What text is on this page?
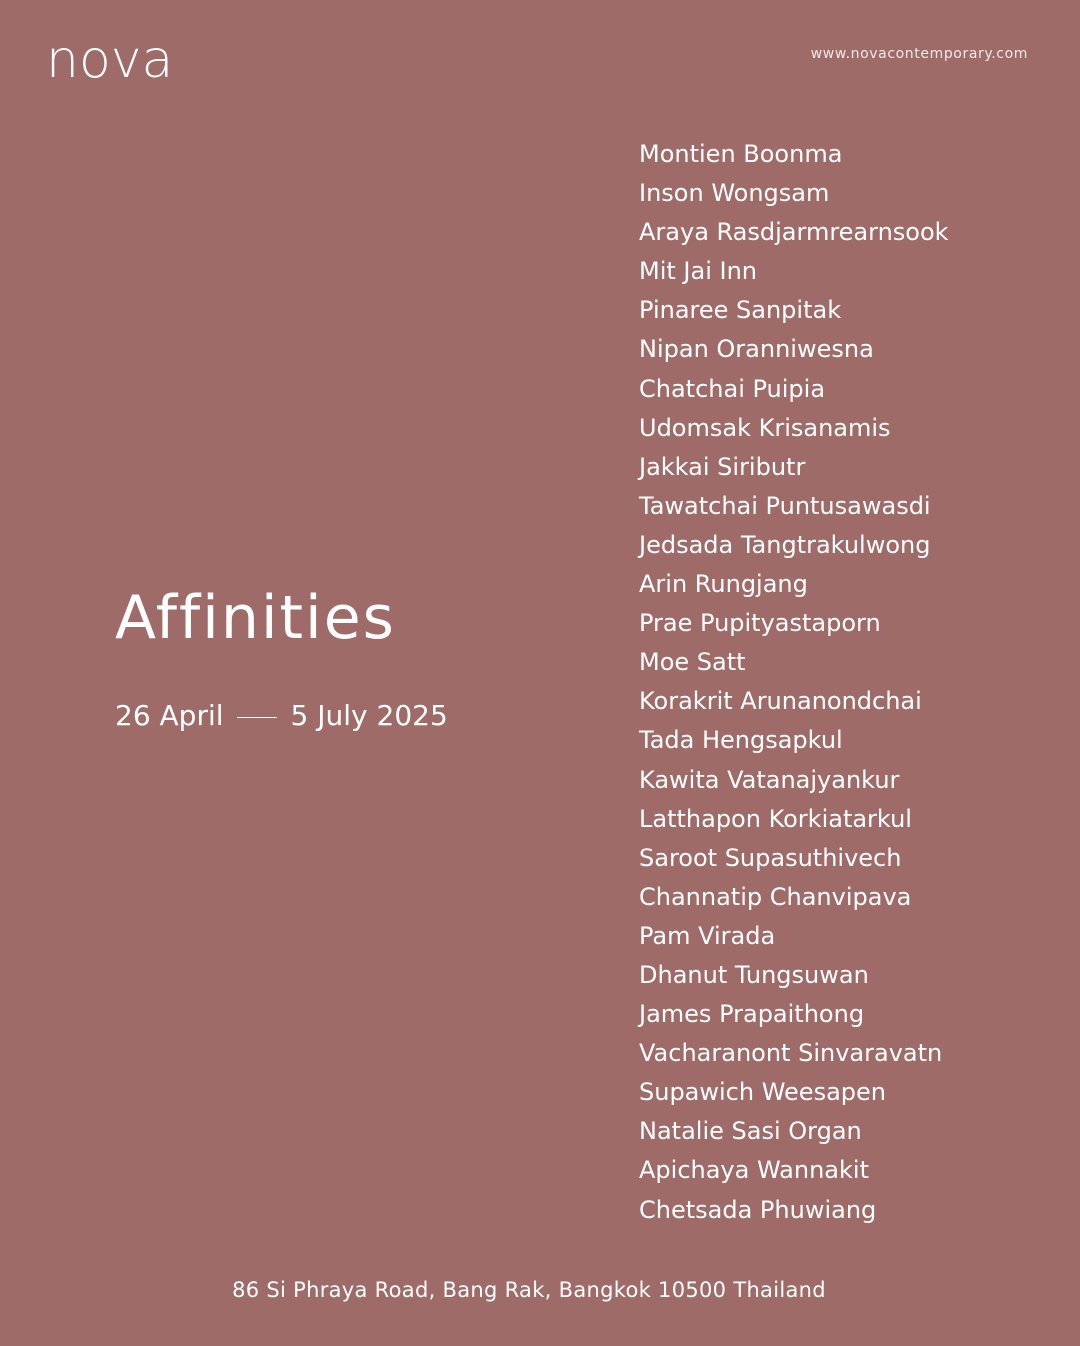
nova	www.novacontemporary.com
Affinities
26 April 5 July 2025
Montien Boonma
Inson Wongsam
Araya Rasdjarmrearnsook
Mit Jai Inn
Pinaree Sanpitak
Nipan Oranniwesna
Chatchai Puipia
Udomsak Krisanamis
Jakkai Siributr
Tawatchai Puntusawasdi
Jedsada Tangtrakulwong
Arin Rungjang
Prae Pupityastaporn
Moe Satt
Korakrit Arunanondchai
Tada Hengsapkul
Kawita Vatanajyankur
Latthapon Korkiatarkul
Saroot Supasuthivech
Channatip Chanvipava
Pam Virada
Dhanut Tungsuwan
James Prapaithong
Vacharanont Sinvaravatn
Supawich Weesapen
Natalie Sasi Organ
Apichaya Wannakit
Chetsada Phuwiang
86 Si Phraya Road, Bang Rak, Bangkok 10500 Thailand
